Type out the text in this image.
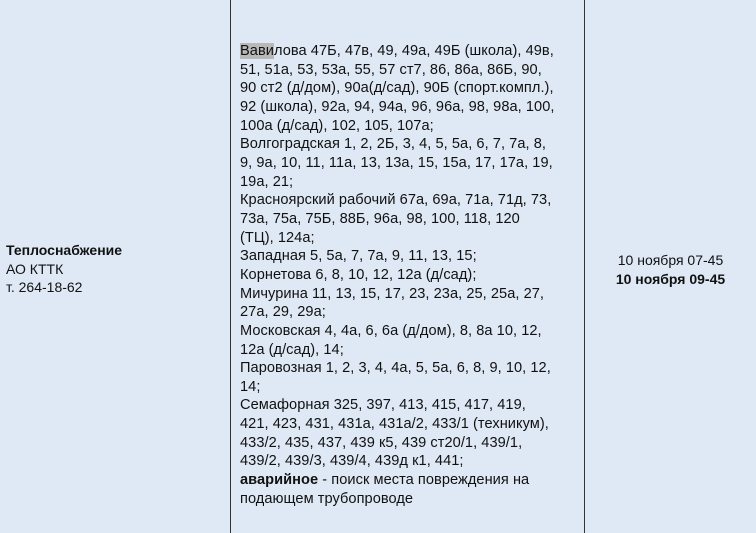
Теплоснабжение
АО КТТК
т. 264-18-62
Вавилова 47Б, 47в, 49, 49а, 49Б (школа), 49в,
51, 51а, 53, 53а, 55, 57 ст7, 86, 86а, 86Б, 90,
90 ст2 (д/дом), 90а(д/сад), 90Б (спорт.компл.),
92 (школа), 92а, 94, 94а, 96, 96а, 98, 98а, 100,
100а (д/сад), 102, 105, 107а;
Волгоградская 1, 2, 2Б, 3, 4, 5, 5а, 6, 7, 7а, 8,
9, 9а, 10, 11, 11а, 13, 13а, 15, 15а, 17, 17а, 19,
19а, 21;
Красноярский рабочий 67а, 69а, 71а, 71д, 73,
73а, 75а, 75Б, 88Б, 96а, 98, 100, 118, 120
(ТЦ), 124а;
Западная 5, 5а, 7, 7а, 9, 11, 13, 15;
Корнетова 6, 8, 10, 12, 12а (д/сад);
Мичурина 11, 13, 15, 17, 23, 23а, 25, 25а, 27,
27а, 29, 29а;
Московская 4, 4а, 6, 6а (д/дом), 8, 8а 10, 12,
12а (д/сад), 14;
Паровозная 1, 2, 3, 4, 4а, 5, 5а, 6, 8, 9, 10, 12,
14;
Семафорная 325, 397, 413, 415, 417, 419,
421, 423, 431, 431а, 431а/2, 433/1 (техникум),
433/2, 435, 437, 439 к5, 439 ст20/1, 439/1,
439/2, 439/3, 439/4, 439д к1, 441;
аварийное - поиск места повреждения на
подающем трубопроводе
10 ноября 07-45
10 ноября 09-45
